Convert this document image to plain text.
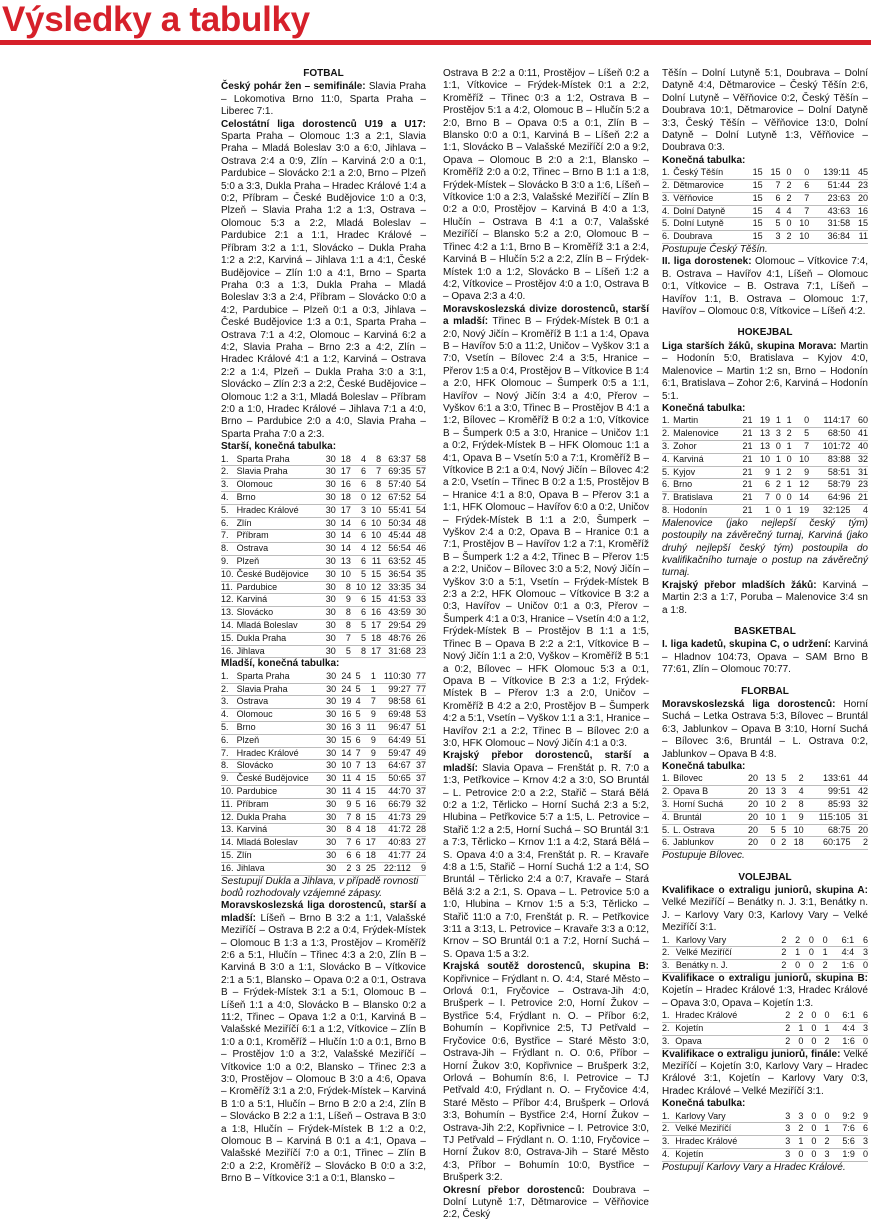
Výsledky a tabulky
FOTBAL

Český pohár žen – semifinále: Slavia Praha – Lokomotiva Brno 11:0, Sparta Praha – Liberec 7:1.

Celostátní liga dorostenců U19 a U17: Sparta Praha – Olomouc 1:3 a 2:1, Slavia Praha – Mladá Boleslav 3:0 a 6:0, Jihlava – Ostrava 2:4 a 0:9, Zlín – Karviná 2:0 a 0:1, Pardubice – Slovácko 2:1 a 2:0, Brno – Plzeň 5:0 a 3:3, Dukla Praha – Hradec Králové 1:4 a 0:2, Příbram – České Budějovice 1:0 a 0:3, Plzeň – Slavia Praha 1:2 a 1:3, Ostrava – Olomouc 5:3 a 2:2, Mladá Boleslav – Pardubice 2:1 a 1:1, Hradec Králové – Příbram 3:2 a 1:1, Slovácko – Dukla Praha 1:2 a 2:2, Karviná – Jihlava 1:1 a 4:1, České Budějovice – Zlín 1:0 a 4:1, Brno – Sparta Praha 0:3 a 1:3, Dukla Praha – Mladá Boleslav 3:3 a 2:4, Příbram – Slovácko 0:0 a 4:2, Pardubice – Plzeň 0:1 a 0:3, Jihlava – České Budějovice 1:3 a 0:1, Sparta Praha – Ostrava 7:1 a 4:2, Olomouc – Karviná 6:2 a 4:2, Slavia Praha – Brno 2:3 a 4:2, Zlín – Hradec Králové 4:1 a 1:2, Karviná – Ostrava 2:2 a 1:4, Plzeň – Dukla Praha 3:0 a 3:1, Slovácko – Zlín 2:3 a 2:2, České Budějovice – Olomouc 1:2 a 3:1, Mladá Boleslav – Příbram 2:0 a 1:0, Hradec Králové – Jihlava 7:1 a 4:0, Brno – Pardubice 2:0 a 4:0, Slavia Praha – Sparta Praha 7:0 a 2:3.

Starší, konečná tabulka:

1.	Sparta Praha	30	18	4	8	63:37	58
2.	Slavia Praha	30	17	6	7	69:35	57
3.	Olomouc	30	16	6	8	57:40	54
4.	Brno	30	18	0	12	67:52	54
5.	Hradec Králové	30	17	3	10	55:41	54
6.	Zlín	30	14	6	10	50:34	48
7.	Příbram	30	14	6	10	45:44	48
8.	Ostrava	30	14	4	12	56:54	46
9.	Plzeň	30	13	6	11	63:52	45
10.	České Budějovice	30	10	5	15	36:54	35
11.	Pardubice	30	8	10	12	33:35	34
12.	Karviná	30	9	6	15	41:53	33
13.	Slovácko	30	8	6	16	43:59	30
14.	Mladá Boleslav	30	8	5	17	29:54	29
15.	Dukla Praha	30	7	5	18	48:76	26
16.	Jihlava	30	5	8	17	31:68	23

Mladší, konečná tabulka:

1.	Sparta Praha	30	24	5	1	110:30	77
2.	Slavia Praha	30	24	5	1	99:27	77
3.	Ostrava	30	19	4	7	98:58	61
4.	Olomouc	30	16	5	9	69:48	53
5.	Brno	30	16	3	11	96:47	51
6.	Plzeň	30	15	6	9	64:49	51
7.	Hradec Králové	30	14	7	9	59:47	49
8.	Slovácko	30	10	7	13	64:67	37
9.	České Budějovice	30	11	4	15	50:65	37
10.	Pardubice	30	11	4	15	44:70	37
11.	Příbram	30	9	5	16	66:79	32
12.	Dukla Praha	30	7	8	15	41:73	29
13.	Karviná	30	8	4	18	41:72	28
14.	Mladá Boleslav	30	7	6	17	40:83	27
15.	Zlín	30	6	6	18	41:77	24
16.	Jihlava	30	2	3	25	22:112	9

Sestupují Dukla a Jihlava, v případě rovnosti bodů rozhodovaly vzájemné zápasy.

Moravskoslezská liga dorostenců, starší a mladší: Líšeň – Brno B 3:2 a 1:1, Valašské Meziříčí – Ostrava B 2:2 a 0:4, Frýdek-Místek – Olomouc B 1:3 a 1:3, Prostějov – Kroměříž 2:6 a 5:1, Hlučín – Třinec 4:3 a 2:0, Zlín B – Karviná B 3:0 a 1:1, Slovácko B – Vítkovice 2:1 a 5:1, Blansko – Opava 0:2 a 0:1, Ostrava B – Frýdek-Místek 3:1 a 5:1, Olomouc B – Líšeň 1:1 a 4:0, Slovácko B – Blansko 0:2 a 11:2, Třinec – Opava 1:2 a 0:1, Karviná B – Valašské Meziříčí 6:1 a 1:2, Vítkovice – Zlín B 1:0 a 0:1, Kroměříž – Hlučín 1:0 a 0:1, Brno B – Prostějov 1:0 a 3:2, Valašské Meziříčí – Vítkovice 1:0 a 0:2, Blansko – Třinec 2:3 a 3:0, Prostějov – Olomouc B 3:0 a 4:6, Opava – Kroměříž 3:1 a 2:0, Frýdek-Místek – Karviná B 1:0 a 5:1, Hlučín – Brno B 2:0 a 2:4, Zlín B – Slovácko B 2:2 a 1:1, Líšeň – Ostrava B 3:0 a 1:8, Hlučín – Frýdek-Místek B 1:2 a 0:2, Olomouc B – Karviná B 0:1 a 4:1, Opava – Valašské Meziříčí 7:0 a 0:1, Třinec – Zlín B 2:0 a 2:2, Kroměříž – Slovácko B 0:0 a 3:2, Brno B – Vítkovice 3:1 a 0:1, Blansko –

Ostrava B 2:2 a 0:11, Prostějov – Líšeň 0:2 a 1:1, Vítkovice – Frýdek-Místek 0:1 a 2:2, Kroměříž – Třinec 0:3 a 1:2, Ostrava B – Prostějov 5:1 a 4:2, Olomouc B – Hlučín 5:2 a 2:0, Brno B – Opava 0:5 a 0:1, Zlín B – Blansko 0:0 a 0:1, Karviná B – Líšeň 2:2 a 1:1, Slovácko B – Valašské Meziříčí 2:0 a 9:2, Opava – Olomouc B 2:0 a 2:1, Blansko – Kroměříž 2:0 a 0:2, Třinec – Brno B 1:1 a 1:8, Frýdek-Místek – Slovácko B 3:0 a 1:6, Líšeň – Vítkovice 1:0 a 2:3, Valašské Meziříčí – Zlín B 0:2 a 0:0, Prostějov – Karviná B 4:0 a 1:3, Hlučín – Ostrava B 4:1 a 0:7, Valašské Meziříčí – Blansko 5:2 a 2:0, Olomouc B – Třinec 4:2 a 1:1, Brno B – Kroměříž 3:1 a 2:4, Karviná B – Hlučín 5:2 a 2:2, Zlín B – Frýdek-Místek 1:0 a 1:2, Slovácko B – Líšeň 1:2 a 4:2, Vítkovice – Prostějov 4:0 a 1:0, Ostrava B – Opava 2:3 a 4:0.

Moravskoslezská divize dorostenců, starší a mladší: Třinec B – Frýdek-Místek B 0:1 a 2:0, Nový Jičín – Kroměříž B 1:1 a 1:4, Opava B – Havířov 5:0 a 11:2, Uničov – Vyškov 3:1 a 7:0, Vsetín – Bílovec 2:4 a 3:5, Hranice – Přerov 1:5 a 0:4, Prostějov B – Vítkovice B 1:4 a 2:0, HFK Olomouc – Šumperk 0:5 a 1:1, Havířov – Nový Jičín 3:4 a 4:0, Přerov – Vyškov 6:1 a 3:0, Třinec B – Prostějov B 4:1 a 1:2, Bílovec – Kroměříž B 0:2 a 1:0, Vítkovice B – Šumperk 0:5 a 3:0, Hranice – Uničov 1:1 a 0:2, Frýdek-Místek B – HFK Olomouc 1:1 a 4:1, Opava B – Vsetín 5:0 a 7:1, Kroměříž B – Vítkovice B 2:1 a 0:4, Nový Jičín – Bílovec 4:2 a 2:0, Vsetín – Třinec B 0:2 a 1:5, Prostějov B – Hranice 4:1 a 8:0, Opava B – Přerov 3:1 a 1:1, HFK Olomouc – Havířov 6:0 a 0:2, Uničov – Frýdek-Místek B 1:1 a 2:0, Šumperk – Vyškov 2:4 a 0:2, Opava B – Hranice 0:1 a 7:1, Prostějov B – Havířov 1:2 a 7:1, Kroměříž B – Šumperk 1:2 a 4:2, Třinec B – Přerov 1:5 a 2:2, Uničov – Bílovec 3:0 a 5:2, Nový Jičín – Vyškov 3:0 a 5:1, Vsetín – Frýdek-Místek B 2:3 a 2:2, HFK Olomouc – Vítkovice B 3:2 a 0:3, Havířov – Uničov 0:1 a 0:3, Přerov – Šumperk 4:1 a 0:3, Hranice – Vsetín 4:0 a 1:2, Frýdek-Místek B – Prostějov B 1:1 a 1:5, Třinec B – Opava B 2:2 a 2:1, Vítkovice B – Nový Jičín 1:1 a 2:0, Vyškov – Kroměříž B 5:1 a 0:2, Bílovec – HFK Olomouc 5:3 a 0:1, Opava B – Vítkovice B 2:3 a 1:2, Frýdek-Místek B – Přerov 1:3 a 2:0, Uničov – Kroměříž B 4:2 a 2:0, Prostějov B – Šumperk 4:2 a 5:1, Vsetín – Vyškov 1:1 a 3:1, Hranice – Havířov 2:1 a 2:2, Třinec B – Bílovec 2:0 a 3:0, HFK Olomouc – Nový Jičín 4:1 a 0:3.

Krajský přebor dorostenců, starší a mladší: Slavia Opava – Frenštát p. R. 7:0 a 1:3, Petřkovice – Krnov 4:2 a 3:0, SO Bruntál – L. Petrovice 2:0 a 2:2, Stařič – Stará Bělá 0:2 a 1:2, Těrlicko – Horní Suchá 2:3 a 5:2, Hlubina – Petřkovice 5:7 a 1:5, L. Petrovice – Stařič 1:2 a 2:5, Horní Suchá – SO Bruntál 3:1 a 7:3, Těrlicko – Krnov 1:1 a 4:2, Stará Bělá – S. Opava 4:0 a 3:4, Frenštát p. R. – Kravaře 4:8 a 1:5, Stařič – Horní Suchá 1:2 a 1:4, SO Bruntál – Těrlicko 2:4 a 0:7, Kravaře – Stará Bělá 3:2 a 2:1, S. Opava – L. Petrovice 5:0 a 1:0, Hlubina – Krnov 1:5 a 5:3, Těrlicko – Stařič 11:0 a 7:0, Frenštát p. R. – Petřkovice 3:11 a 3:13, L. Petrovice – Kravaře 3:3 a 0:12, Krnov – SO Bruntál 0:1 a 7:2, Horní Suchá – S. Opava 1:5 a 3:2.

Krajská soutěž dorostenců, skupina B: Kopřivnice – Frýdlant n. O. 4:4, Staré Město – Orlová 0:1, Fryčovice – Ostrava-Jih 4:0, Brušperk – I. Petrovice 2:0, Horní Žukov – Bystřice 5:4, Frýdlant n. O. – Příbor 6:2, Bohumín – Kopřivnice 2:5, TJ Petřvald – Fryčovice 0:6, Bystřice – Staré Město 3:0, Ostrava-Jih – Frýdlant n. O. 0:6, Příbor – Horní Žukov 3:0, Kopřivnice – Brušperk 3:2, Orlová – Bohumín 8:6, I. Petrovice – TJ Petřvald 4:0, Frýdlant n. O. – Fryčovice 4:4, Staré Město – Příbor 4:4, Brušperk – Orlová 3:3, Bohumín – Bystřice 2:4, Horní Žukov – Ostrava-Jih 2:2, Kopřivnice – I. Petrovice 3:0, TJ Petřvald – Frýdlant n. O. 1:10, Fryčovice – Horní Žukov 8:0, Ostrava-Jih – Staré Město 4:3, Příbor – Bohumín 10:0, Bystřice – Brušperk 3:2.

Okresní přebor dorostenců: Doubrava – Dolní Lutyně 1:7, Dětmarovice – Věřňovice 2:2, Český

Těšín – Dolní Lutyně 5:1, Doubrava – Dolní Datyně 4:4, Dětmarovice – Český Těšín 2:6, Dolní Lutyně – Věřňovice 0:2, Český Těšín – Doubrava 10:1, Dětmarovice – Dolní Datyně 3:3, Český Těšín – Věřňovice 13:0, Dolní Datyně – Dolní Lutyně 1:3, Věřňovice – Doubrava 0:3.

Konečná tabulka:

1.	Český Těšín	15	15	0	0	139:11	45
2.	Dětmarovice	15	7	2	6	51:44	23
3.	Věřňovice	15	6	2	7	23:63	20
4.	Dolní Datyně	15	4	4	7	43:63	16
5.	Dolní Lutyně	15	5	0	10	31:58	15
6.	Doubrava	15	3	2	10	36:84	11

Postupuje Český Těšín.

II. liga dorostenek: Olomouc – Vítkovice 7:4, B. Ostrava – Havířov 4:1, Líšeň – Olomouc 0:1, Vítkovice – B. Ostrava 7:1, Líšeň – Havířov 1:1, B. Ostrava – Olomouc 1:7, Havířov – Olomouc 0:8, Vítkovice – Líšeň 4:2.

HOKEJBAL

Liga starších žáků, skupina Morava: Martin – Hodonín 5:0, Bratislava – Kyjov 4:0, Malenovice – Martin 1:2 sn, Brno – Hodonín 6:1, Bratislava – Zohor 2:6, Karviná – Hodonín 5:1.

Konečná tabulka:

1.	Martin	21	19	1	1	0	114:17	60
2.	Malenovice	21	13	3	2	5	68:50	41
3.	Zohor	21	13	0	1	7	101:72	40
4.	Karviná	21	10	1	0	10	83:88	32
5.	Kyjov	21	9	1	2	9	58:51	31
6.	Brno	21	6	2	1	12	58:79	23
7.	Bratislava	21	7	0	0	14	64:96	21
8.	Hodonín	21	1	0	1	19	32:125	4

Malenovice (jako nejlepší český tým) postoupily na závěrečný turnaj, Karviná (jako druhý nejlepší český tým) postoupila do kvalifikačního turnaje o postup na závěrečný turnaj.

Krajský přebor mladších žáků: Karviná – Martin 2:3 a 1:7, Poruba – Malenovice 3:4 sn a 1:8.

BASKETBAL

I. liga kadetů, skupina C, o udržení: Karviná – Hladnov 104:73, Opava – SAM Brno B 77:61, Zlín – Olomouc 70:77.

FLORBAL

Moravskoslezská liga dorostenců: Horní Suchá – Letka Ostrava 5:3, Bílovec – Bruntál 6:3, Jablunkov – Opava B 3:10, Horní Suchá – Bílovec 3:6, Bruntál – L. Ostrava 0:2, Jablunkov – Opava B 4:8.

Konečná tabulka:

1.	Bílovec	20	13	5	2	133:61	44
2.	Opava B	20	13	3	4	99:51	42
3.	Horní Suchá	20	10	2	8	85:93	32
4.	Bruntál	20	10	1	9	115:105	31
5.	L. Ostrava	20	5	5	10	68:75	20
6.	Jablunkov	20	0	2	18	60:175	2

Postupuje Bílovec.

VOLEJBAL

Kvalifikace o extraligu juniorů, skupina A: Velké Meziříčí – Benátky n. J. 3:1, Benátky n. J. – Karlovy Vary 0:3, Karlovy Vary – Velké Meziříčí 3:1.

1.	Karlovy Vary	2	2	0	0	6:1	6
2.	Velké Meziříčí	2	1	0	1	4:4	3
3.	Benátky n. J.	2	0	0	2	1:6	0

Kvalifikace o extraligu juniorů, skupina B: Kojetín – Hradec Králové 1:3, Hradec Králové – Opava 3:0, Opava – Kojetín 1:3.

1.	Hradec Králové	2	2	0	0	6:1	6
2.	Kojetín	2	1	0	1	4:4	3
3.	Opava	2	0	0	2	1:6	0

Kvalifikace o extraligu juniorů, finále: Velké Meziříčí – Kojetín 3:0, Karlovy Vary – Hradec Králové 3:1, Kojetín – Karlovy Vary 0:3, Hradec Králové – Velké Meziříčí 3:1.

Konečná tabulka:

1.	Karlovy Vary	3	3	0	0	9:2	9
2.	Velké Meziříčí	3	2	0	1	7:6	6
3.	Hradec Králové	3	1	0	2	5:6	3
4.	Kojetín	3	0	0	3	1:9	0

Postupují Karlovy Vary a Hradec Králové.
